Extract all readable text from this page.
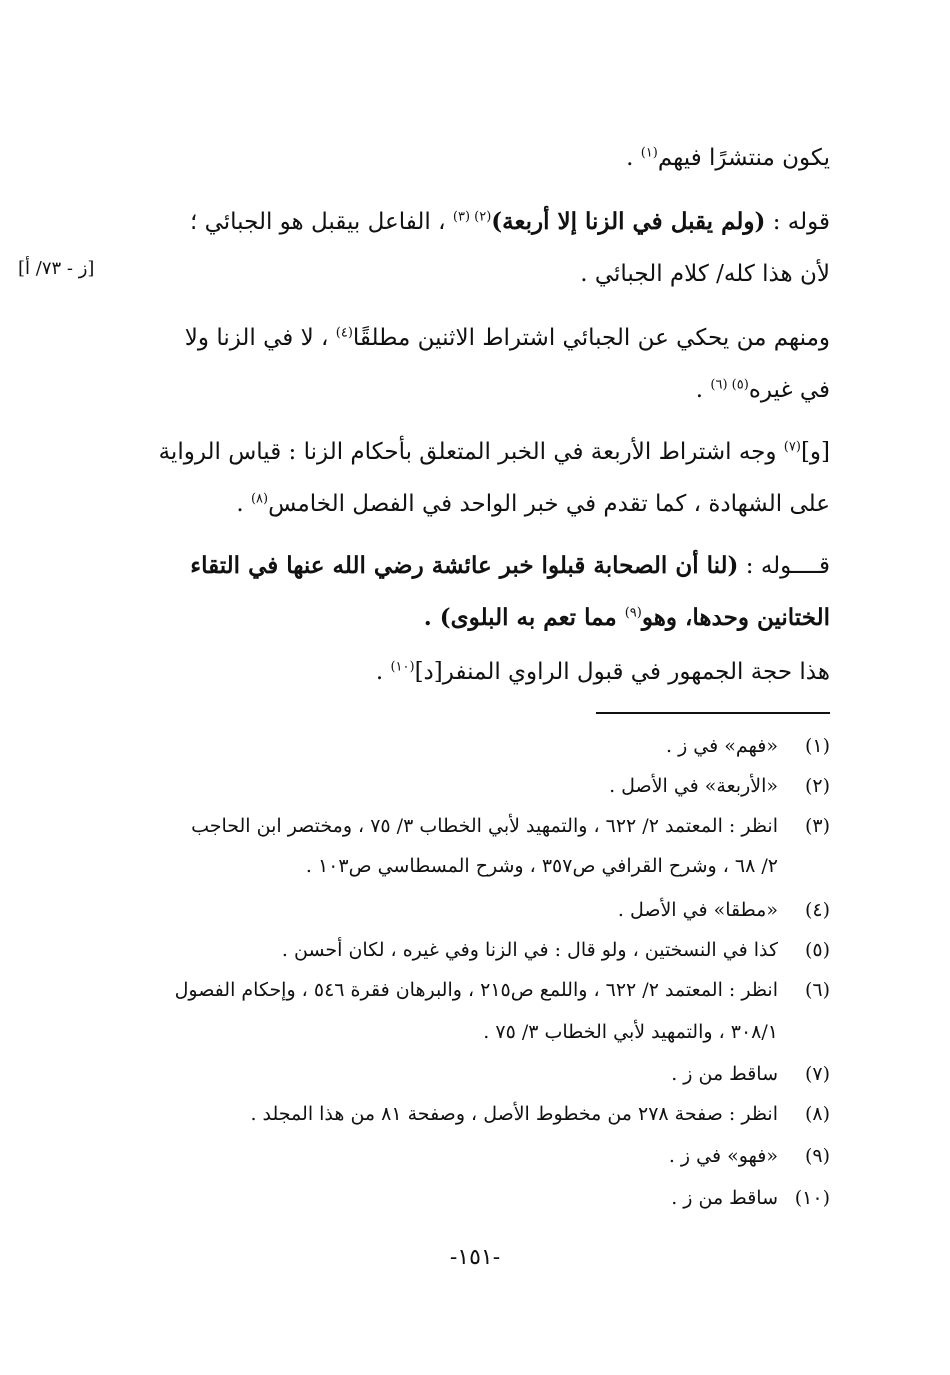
[ز - ٧٣/ أ]
يكون منتشرًا فيهم$^{(١)}$ .
قوله : (ولم يقبل في الزنا إلا أربعة)$^{(٢) (٣)}$ ، الفاعل بيقبل هو الجبائي ؛
لأن هذا كله/ كلام الجبائي .
ومنهم من يحكي عن الجبائي اشتراط الاثنين مطلقًا$^{(٤)}$ ، لا في الزنا ولا
في غيره$^{(٥) (٦)}$ .
[و]$^{(٧)}$ وجه اشتراط الأربعة في الخبر المتعلق بأحكام الزنا : قياس الرواية
على الشهادة ، كما تقدم في خبر الواحد في الفصل الخامس$^{(٨)}$ .
قــــوله : (لنا أن الصحابة قبلوا خبر عائشة رضي الله عنها في التقاء
الختانين وحدها، وهو$^{(٩)}$ مما تعم به البلوى) .
هذا حجة الجمهور في قبول الراوي المنفر[د]$^{(١٠)}$ .
(١)«فهم» في ز .
(٢)«الأربعة» في الأصل .
(٣)انظر : المعتمد ٢/ ٦٢٢ ، والتمهيد لأبي الخطاب ٣/ ٧٥ ، ومختصر ابن الحاجب
٢/ ٦٨ ، وشرح القرافي ص٣٥٧ ، وشرح المسطاسي ص١٠٣ .
(٤)«مطقا» في الأصل .
(٥)كذا في النسختين ، ولو قال : في الزنا وفي غيره ، لكان أحسن .
(٦)انظر : المعتمد ٢/ ٦٢٢ ، واللمع ص٢١٥ ، والبرهان فقرة ٥٤٦ ، وإحكام الفصول
٣٠٨/١ ، والتمهيد لأبي الخطاب ٣/ ٧٥ .
(٧)ساقط من ز .
(٨)انظر : صفحة ٢٧٨ من مخطوط الأصل ، وصفحة ٨١ من هذا المجلد .
(٩)«فهو» في ز .
(١٠)ساقط من ز .
-١٥١-
